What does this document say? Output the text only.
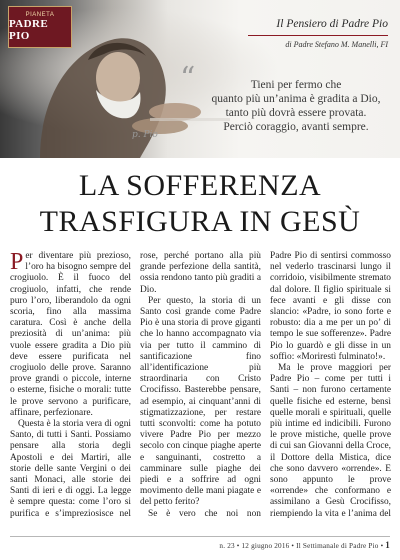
PIANETA
PADRE PIO
Il Pensiero di Padre Pio
di Padre Stefano M. Manelli, FI
“	Tieni per fermo che
quanto più un’anima è gradita a Dio,
tanto più dovrà essere provata.
Perciò coraggio, avanti sempre.
p. Pio
LA SOFFERENZA
TRASFIGURA IN GESÙ

Per diventare più prezioso, l’oro ha bisogno sempre del crogiuolo. È il fuoco del crogiuolo, infatti, che rende puro l’oro, liberandolo da ogni scoria, fino alla massima caratura. Così è anche della preziosità di un’anima: più vuole essere gradita a Dio più deve essere purificata nel crogiuolo delle prove. Saranno prove grandi o piccole, interne o esterne, fisiche o morali: tutte le prove servono a purificare, affinare, perfezionare.

Questa è la storia vera di ogni Santo, di tutti i Santi. Possiamo pensare alla storia degli Apostoli e dei Martiri, alle storie delle sante Vergini o dei santi Monaci, alle storie dei Santi di ieri e di oggi. La legge è sempre questa: come l’oro si purifica e s’impreziosisce nel

rose, perché portano alla più grande perfezione della santità, ossia rendono tanto più graditi a Dio.

Per questo, la storia di un Santo così grande come Padre Pio è una storia di prove giganti che lo hanno accompagnato via via per tutto il cammino di santificazione fino all’identificazione più straordinaria con Cristo Crocifisso. Basterebbe pensare, ad esempio, ai cinquant’anni di stigmatizzazione, per restare tutti sconvolti: come ha potuto vivere Padre Pio per mezzo secolo con cinque piaghe aperte e sanguinanti, costretto a camminare sulle piaghe dei piedi e a soffrire ad ogni movimento delle mani piagate e del petto ferito?

Se è vero che noi non

Padre Pio di sentirsi commosso nel vederlo trascinarsi lungo il corridoio, visibilmente stremato dal dolore. Il figlio spirituale si fece avanti e gli disse con slancio: «Padre, io sono forte e robusto: dia a me per un po’ di tempo le sue sofferenze». Padre Pio lo guardò e gli disse in un soffio: «Morirestì fulminato!».

Ma le prove maggiori per Padre Pio – come per tutti i Santi – non furono certamente quelle fisiche ed esterne, bensì quelle morali e spirituali, quelle più intime ed indicibili. Furono le prove mistiche, quelle prove di cui san Giovanni della Croce, il Dottore della Mistica, dice che sono davvero «orrende». E sono appunto le prove «orrende» che conformano e assimilano a Gesù Crocifisso, riempiendo la vita e l’anima del

n. 23 • 12 giugno 2016 • Il Settimanale di Padre Pio • 1
